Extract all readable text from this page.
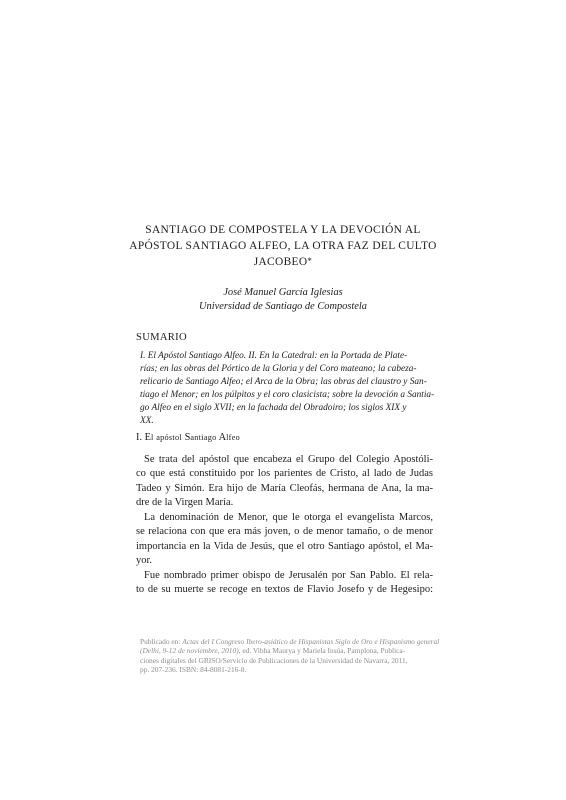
SANTIAGO DE COMPOSTELA Y LA DEVOCIÓN AL
APÓSTOL SANTIAGO ALFEO, LA OTRA FAZ DEL CULTO
JACOBEO*
José Manuel García Iglesias
Universidad de Santiago de Compostela
SUMARIO
I. El Apóstol Santiago Alfeo. II. En la Catedral: en la Portada de Plate-
rías; en las obras del Pórtico de la Gloria y del Coro mateano; la cabeza-
relicario de Santiago Alfeo; el Arca de la Obra; las obras del claustro y San-
tiago el Menor; en los púlpitos y el coro clasicista; sobre la devoción a Santia-
go Alfeo en el siglo XVII; en la fachada del Obradoiro; los siglos XIX y
XX.
I. El apóstol Santiago Alfeo
Se trata del apóstol que encabeza el Grupo del Colegio Apostóli-
co que está constituido por los parientes de Cristo, al lado de Judas
Tadeo y Simón. Era hijo de María Cleofás, hermana de Ana, la ma-
dre de la Virgen María.
La denominación de Menor, que le otorga el evangelista Marcos,
se relaciona con que era más joven, o de menor tamaño, o de menor
importancia en la Vida de Jesús, que el otro Santiago apóstol, el Ma-
yor.
Fue nombrado primer obispo de Jerusalén por San Pablo. El rela-
to de su muerte se recoge en textos de Flavio Josefo y de Hegesipo:
Publicado en: Actas del I Congreso Ibero-asiático de Hispanistas Siglo de Oro e Hispanismo general
(Delhi, 9-12 de noviembre, 2010), ed. Vibha Maurya y Mariela Insúa, Pamplona, Publica-
ciones digitales del GRISO/Servicio de Publicaciones de la Universidad de Navarra, 2011,
pp. 207-236. ISBN: 84-8081-216-8.
